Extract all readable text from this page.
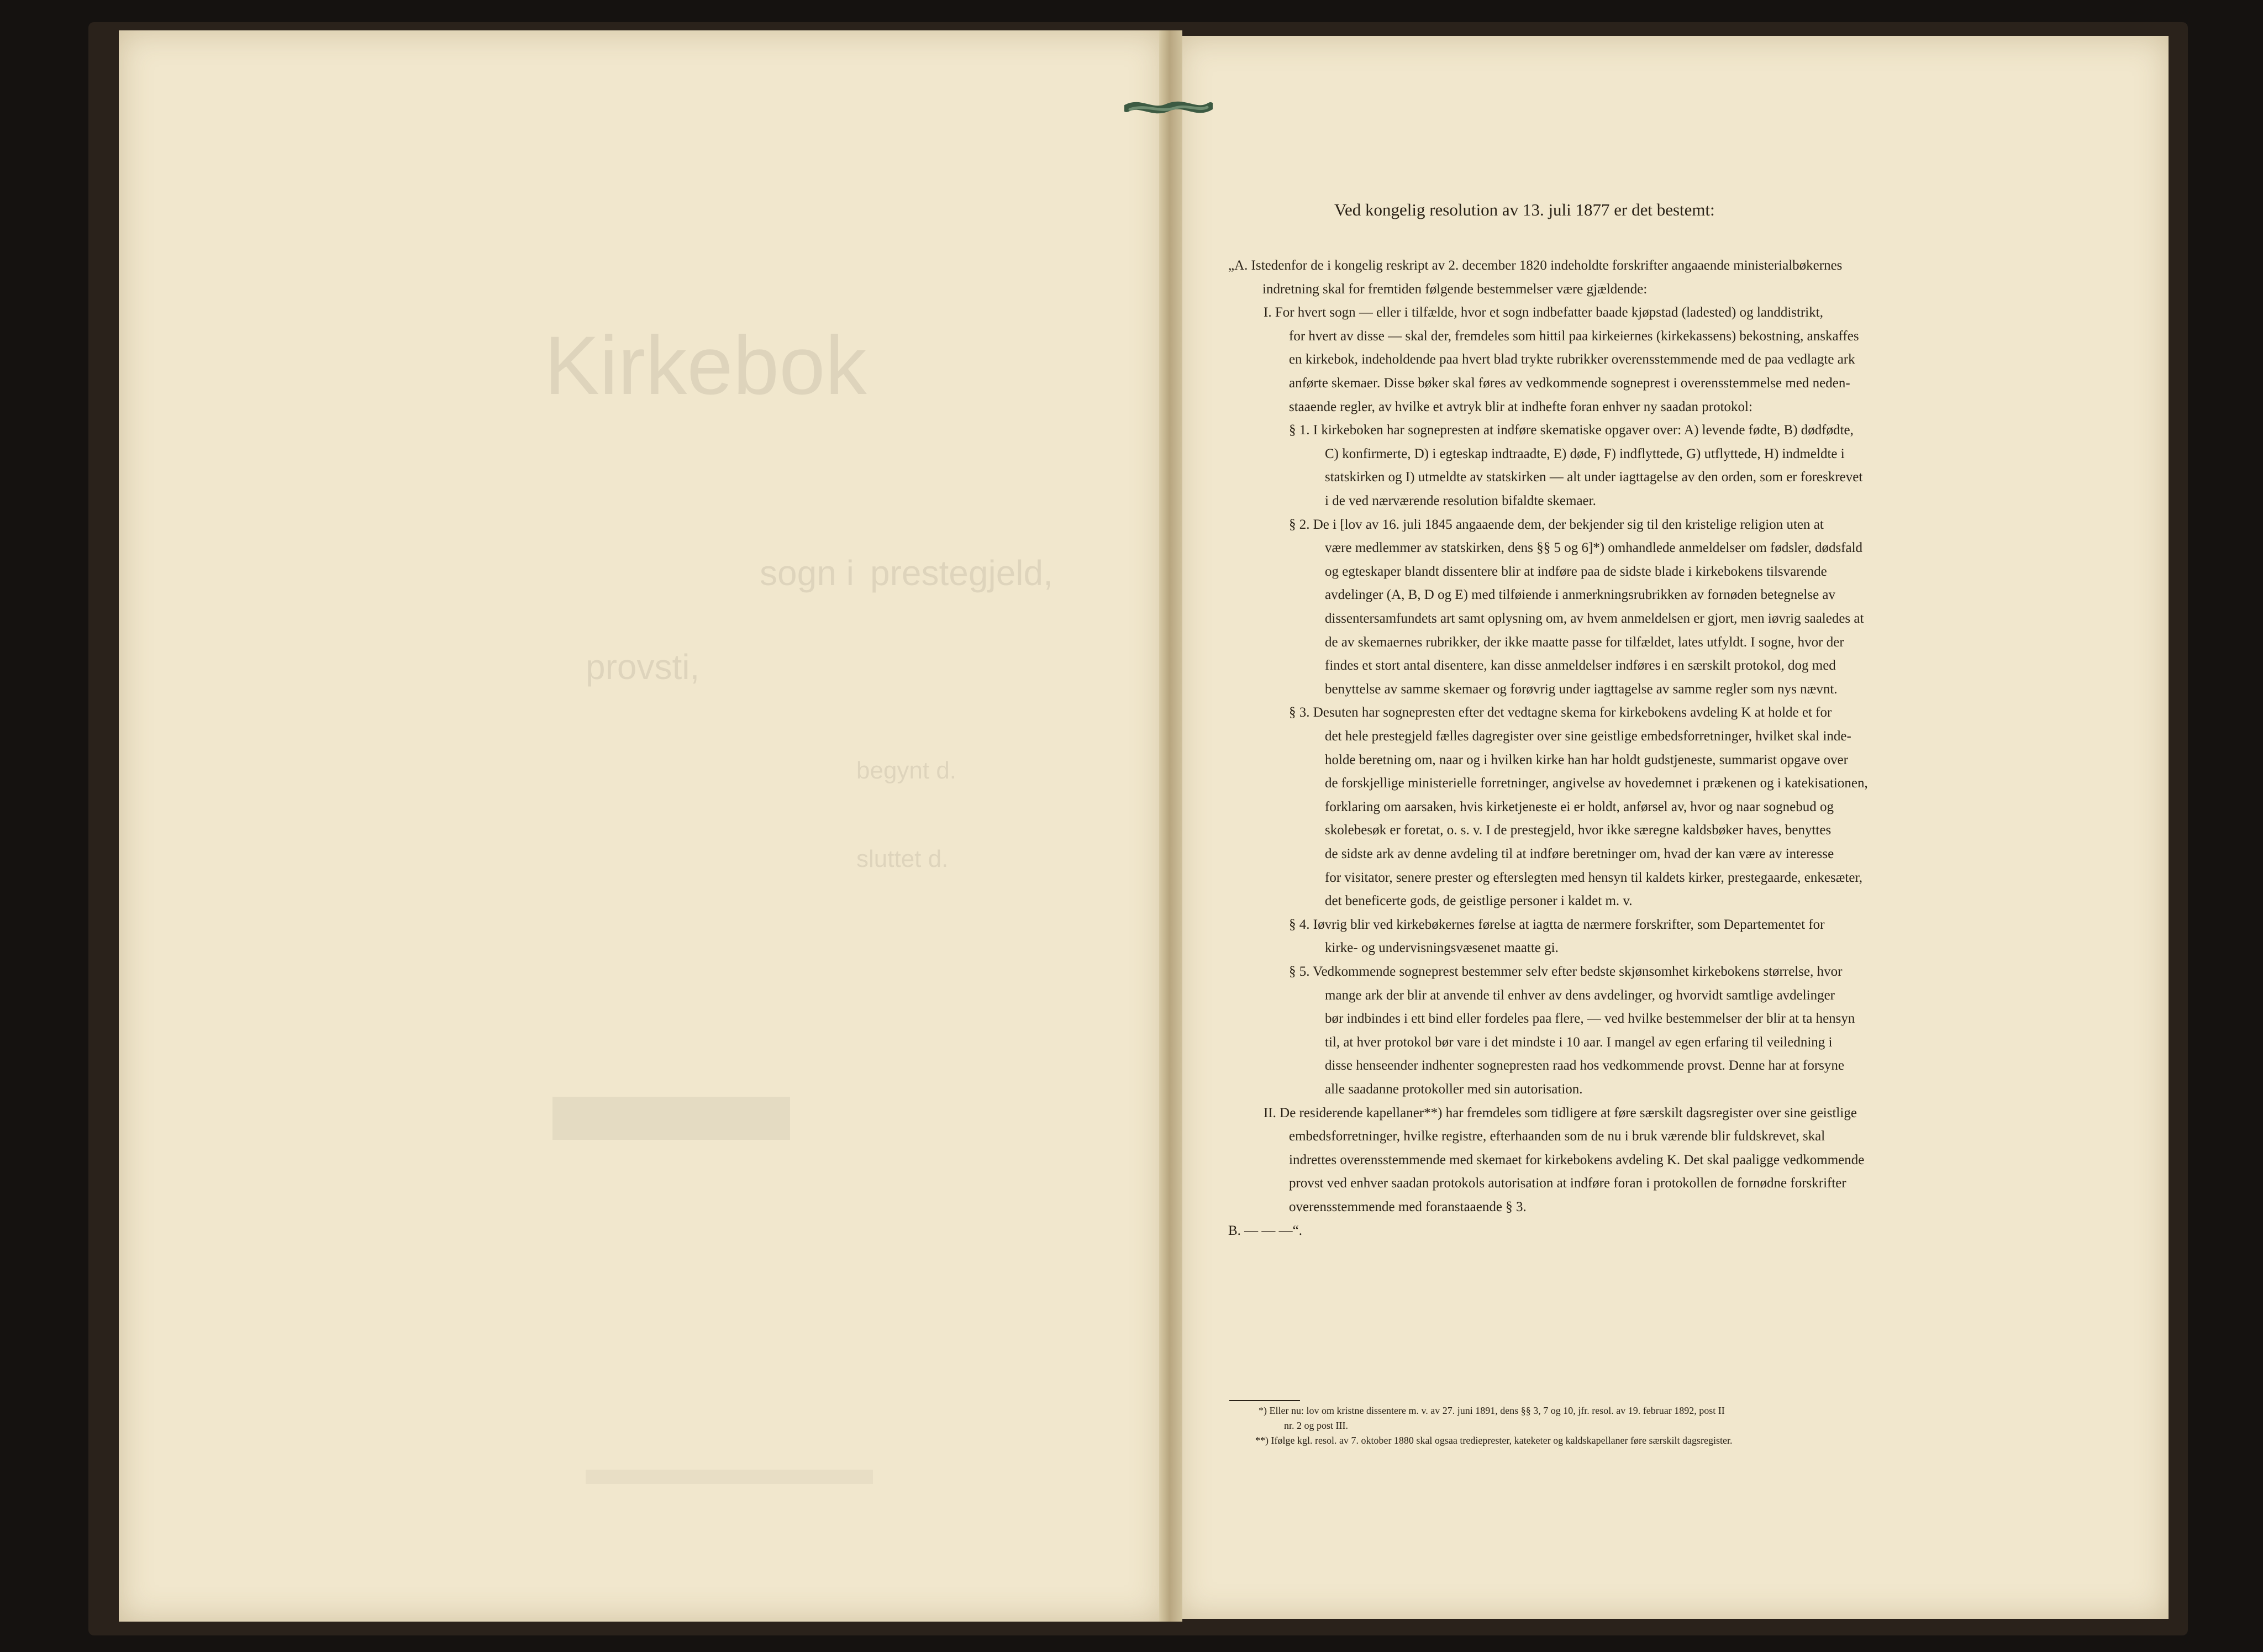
Kirkebok
sogn i prestegjeld,
provsti,
begynt d.
sluttet d.
Ved kongelig resolution av 13. juli 1877 er det bestemt:
„A. Istedenfor de i kongelig reskript av 2. december 1820 indeholdte forskrifter angaaende ministerialbøkernes
indretning skal for fremtiden følgende bestemmelser være gjældende:
I. For hvert sogn — eller i tilfælde, hvor et sogn indbefatter baade kjøpstad (ladested) og landdistrikt,
for hvert av disse — skal der, fremdeles som hittil paa kirkeiernes (kirkekassens) bekostning, anskaffes
en kirkebok, indeholdende paa hvert blad trykte rubrikker overensstemmende med de paa vedlagte ark
anførte skemaer. Disse bøker skal føres av vedkommende sogneprest i overensstemmelse med neden-
staaende regler, av hvilke et avtryk blir at indhefte foran enhver ny saadan protokol:
§ 1. I kirkeboken har sognepresten at indføre skematiske opgaver over: A) levende fødte, B) dødfødte,
C) konfirmerte, D) i egteskap indtraadte, E) døde, F) indflyttede, G) utflyttede, H) indmeldte i
statskirken og I) utmeldte av statskirken — alt under iagttagelse av den orden, som er foreskrevet
i de ved nærværende resolution bifaldte skemaer.
§ 2. De i [lov av 16. juli 1845 angaaende dem, der bekjender sig til den kristelige religion uten at
være medlemmer av statskirken, dens §§ 5 og 6]*) omhandlede anmeldelser om fødsler, dødsfald
og egteskaper blandt dissentere blir at indføre paa de sidste blade i kirkebokens tilsvarende
avdelinger (A, B, D og E) med tilføiende i anmerkningsrubrikken av fornøden betegnelse av
dissentersamfundets art samt oplysning om, av hvem anmeldelsen er gjort, men iøvrig saaledes at
de av skemaernes rubrikker, der ikke maatte passe for tilfældet, lates utfyldt. I sogne, hvor der
findes et stort antal disentere, kan disse anmeldelser indføres i en særskilt protokol, dog med
benyttelse av samme skemaer og forøvrig under iagttagelse av samme regler som nys nævnt.
§ 3. Desuten har sognepresten efter det vedtagne skema for kirkebokens avdeling K at holde et for
det hele prestegjeld fælles dagregister over sine geistlige embedsforretninger, hvilket skal inde-
holde beretning om, naar og i hvilken kirke han har holdt gudstjeneste, summarist opgave over
de forskjellige ministerielle forretninger, angivelse av hovedemnet i prækenen og i katekisationen,
forklaring om aarsaken, hvis kirketjeneste ei er holdt, anførsel av, hvor og naar sognebud og
skolebesøk er foretat, o. s. v. I de prestegjeld, hvor ikke særegne kaldsbøker haves, benyttes
de sidste ark av denne avdeling til at indføre beretninger om, hvad der kan være av interesse
for visitator, senere prester og efterslegten med hensyn til kaldets kirker, prestegaarde, enkesæter,
det beneficerte gods, de geistlige personer i kaldet m. v.
§ 4. Iøvrig blir ved kirkebøkernes førelse at iagtta de nærmere forskrifter, som Departementet for
kirke- og undervisningsvæsenet maatte gi.
§ 5. Vedkommende sogneprest bestemmer selv efter bedste skjønsomhet kirkebokens størrelse, hvor
mange ark der blir at anvende til enhver av dens avdelinger, og hvorvidt samtlige avdelinger
bør indbindes i ett bind eller fordeles paa flere, — ved hvilke bestemmelser der blir at ta hensyn
til, at hver protokol bør vare i det mindste i 10 aar. I mangel av egen erfaring til veiledning i
disse henseender indhenter sognepresten raad hos vedkommende provst. Denne har at forsyne
alle saadanne protokoller med sin autorisation.
II. De residerende kapellaner**) har fremdeles som tidligere at føre særskilt dagsregister over sine geistlige
embedsforretninger, hvilke registre, efterhaanden som de nu i bruk værende blir fuldskrevet, skal
indrettes overensstemmende med skemaet for kirkebokens avdeling K. Det skal paaligge vedkommende
provst ved enhver saadan protokols autorisation at indføre foran i protokollen de fornødne forskrifter
overensstemmende med foranstaaende § 3.
B. — — —“.
*) Eller nu: lov om kristne dissentere m. v. av 27. juni 1891, dens §§ 3, 7 og 10, jfr. resol. av 19. februar 1892, post II
nr. 2 og post III.
**) Ifølge kgl. resol. av 7. oktober 1880 skal ogsaa tredieprester, kateketer og kaldskapellaner føre særskilt dagsregister.
